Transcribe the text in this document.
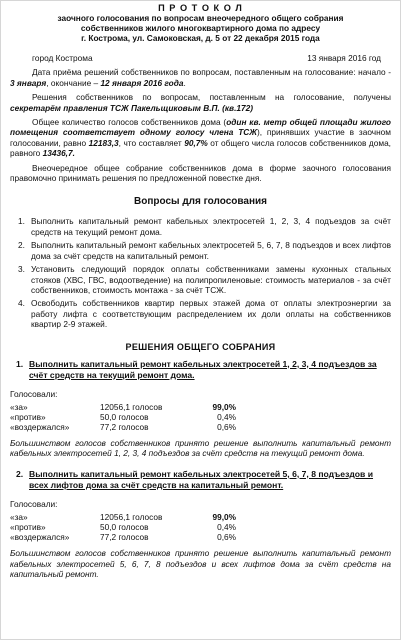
П Р О Т О К О Л
заочного голосования по вопросам внеочередного общего собрания
собственников жилого многоквартирного дома по адресу
г. Кострома, ул. Самоковская, д. 5 от 22 декабря 2015 года
город Кострома	13 января 2016 год

Дата приёма решений собственников по вопросам, поставленным на голосование: начало - 3 января, окончание – 12 января 2016 года.

Решения собственников по вопросам, поставленным на голосование, получены секретарём правления ТСЖ Пакельщиковым В.П. (кв.172)

Общее количество голосов собственников дома (один кв. метр общей площади жилого помещения соответствует одному голосу члена ТСЖ), принявших участие в заочном голосовании, равно 12183,3, что составляет 90,7% от общего числа голосов собственников дома, равного 13436,7.

Внеочередное общее собрание собственников дома в форме заочного голосования правомочно принимать решения по предложенной повестке дня.

Вопросы для голосования
1. Выполнить капитальный ремонт кабельных электросетей 1, 2, 3, 4 подъездов за счёт средств на текущий ремонт дома.
2. Выполнить капитальный ремонт кабельных электросетей 5, 6, 7, 8 подъездов и всех лифтов дома за счёт средств на капитальный ремонт.
3. Установить следующий порядок оплаты собственниками замены кухонных стальных стояков (ХВС, ГВС, водоотведение) на полипропиленовые: стоимость материалов - за счёт собственников, стоимость монтажа - за счёт ТСЖ.
4. Освободить собственников квартир первых этажей дома от оплаты электроэнергии за работу лифта с соответствующим распределением их доли оплаты на собственников квартир 2-9 этажей.
РЕШЕНИЯ ОБЩЕГО СОБРАНИЯ
1. Выполнить капитальный ремонт кабельных электросетей 1, 2, 3, 4 подъездов за счёт средств на текущий ремонт дома.
Голосовали:
«за»	12056,1 голосов	99,0%
«против»	50,0 голосов	0,4%
«воздержался»	77,2 голосов	0,6%
Большинством голосов собственников принято решение выполнить капитальный ремонт кабельных электросетей 1, 2, 3, 4 подъездов за счёт средств на текущий ремонт дома.
2. Выполнить капитальный ремонт кабельных электросетей 5, 6, 7, 8 подъездов и всех лифтов дома за счёт средств на капитальный ремонт.
Голосовали:
«за»	12056,1 голосов	99,0%
«против»	50,0 голосов	0,4%
«воздержался»	77,2 голосов	0,6%
Большинством голосов собственников принято решение выполнить капитальный ремонт кабельных электросетей 5, 6, 7, 8 подъездов и всех лифтов дома за счёт средств на капитальный ремонт.
